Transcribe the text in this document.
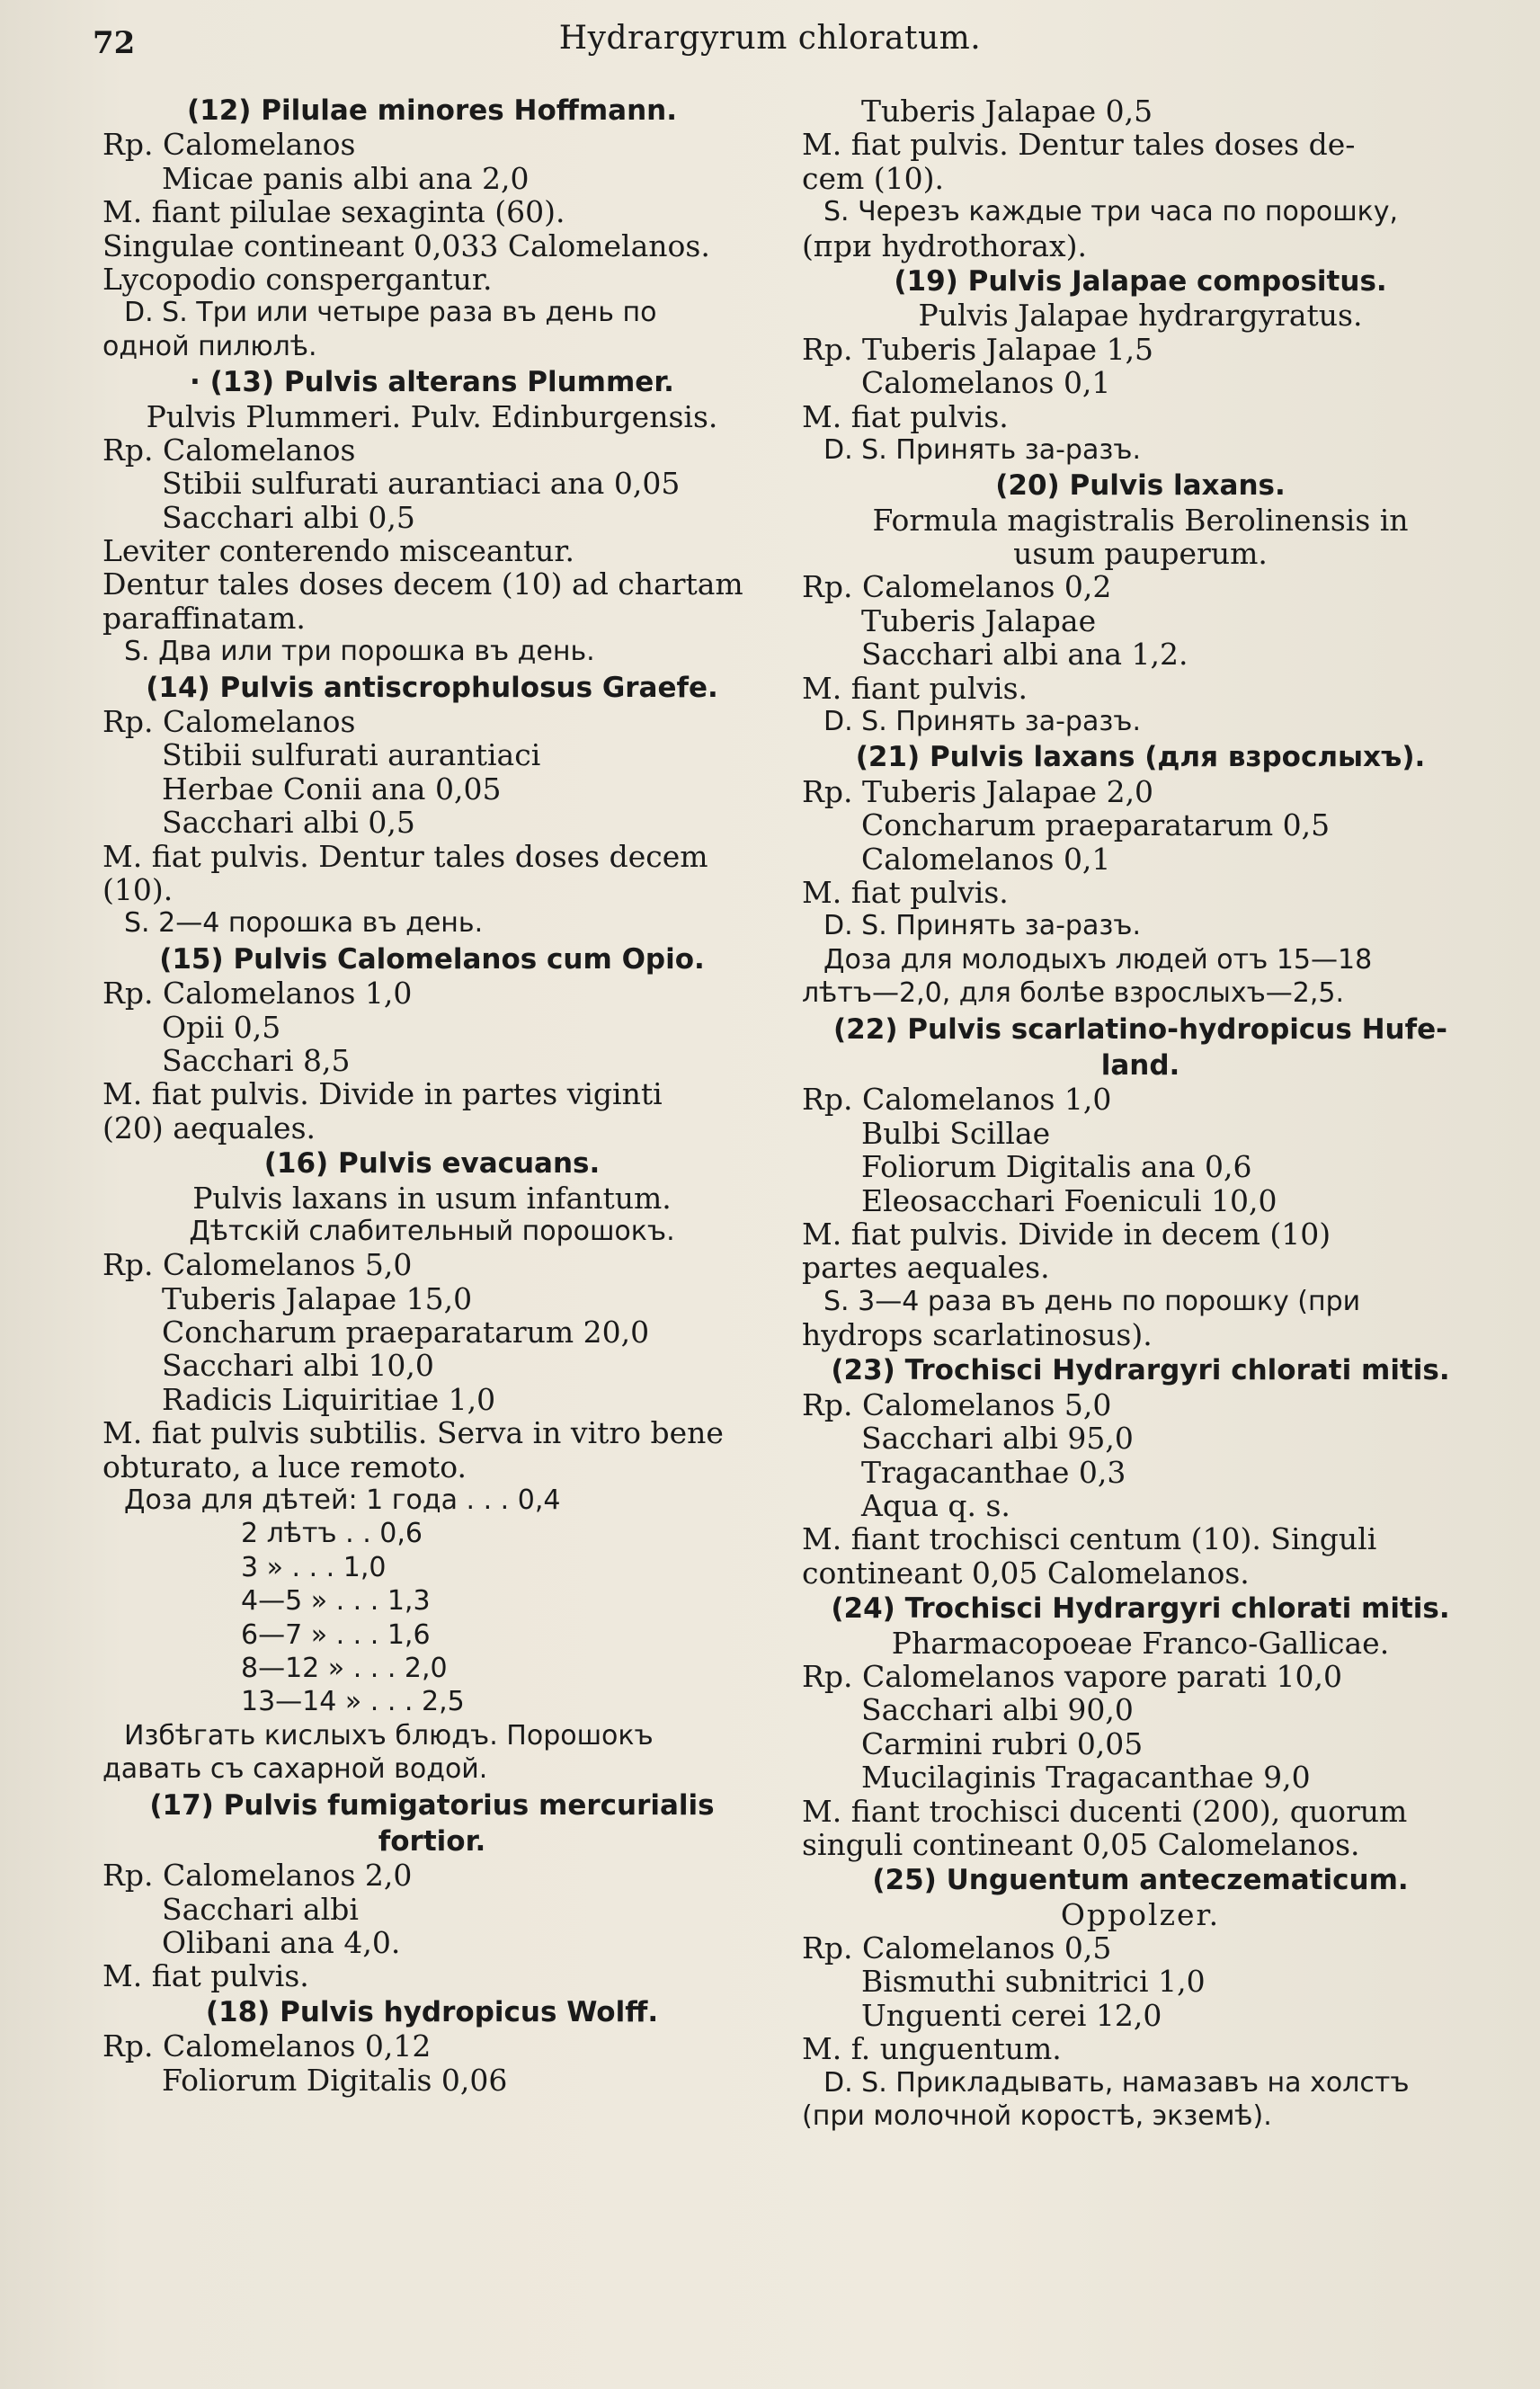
72	Hydrargyrum chloratum.
(12) Pilulae minores Hoffmann.
Rp. Calomelanos
Micae panis albi ana 2,0
M. fiant pilulae sexaginta (60).
Singulae contineant 0,033 Calomelanos.
Lycopodio conspergantur.
D. S. Три или четыре раза въ день по
одной пилюлѣ.
· (13) Pulvis alterans Plummer.
Pulvis Plummeri. Pulv. Edinburgensis.
Rp. Calomelanos
Stibii sulfurati aurantiaci ana 0,05
Sacchari albi 0,5
Leviter conterendo misceantur.
Dentur tales doses decem (10) ad chartam
paraffinatam.
S. Два или три порошка въ день.
(14) Pulvis antiscrophulosus Graefe.
Rp. Calomelanos
Stibii sulfurati aurantiaci
Herbae Conii ana 0,05
Sacchari albi 0,5
M. fiat pulvis. Dentur tales doses decem
(10).
S. 2—4 порошка въ день.
(15) Pulvis Calomelanos cum Opio.
Rp. Calomelanos 1,0
Opii 0,5
Sacchari 8,5
M. fiat pulvis. Divide in partes viginti
(20) aequales.
(16) Pulvis evacuans.
Pulvis laxans in usum infantum.
Дѣтскій слабительный порошокъ.
Rp. Calomelanos 5,0
Tuberis Jalapae 15,0
Concharum praeparatarum 20,0
Sacchari albi 10,0
Radicis Liquiritiae 1,0
M. fiat pulvis subtilis. Serva in vitro bene
obturato, a luce remoto.
Доза для дѣтей: 1 года . . . 0,4
2 лѣтъ . . 0,6
3 » . . . 1,0
4—5 » . . . 1,3
6—7 » . . . 1,6
8—12 » . . . 2,0
13—14 » . . . 2,5
Избѣгать кислыхъ блюдъ. Порошокъ
давать съ сахарной водой.
(17) Pulvis fumigatorius mercurialis
fortior.
Rp. Calomelanos 2,0
Sacchari albi
Olibani ana 4,0.
M. fiat pulvis.
(18) Pulvis hydropicus Wolff.
Rp. Calomelanos 0,12
Foliorum Digitalis 0,06
Tuberis Jalapae 0,5
M. fiat pulvis. Dentur tales doses de-
cem (10).
S. Черезъ каждые три часа по порошку,
(при hydrothorax).
(19) Pulvis Jalapae compositus.
Pulvis Jalapae hydrargyratus.
Rp. Tuberis Jalapae 1,5
Calomelanos 0,1
M. fiat pulvis.
D. S. Принять за-разъ.
(20) Pulvis laxans.
Formula magistralis Berolinensis in
usum pauperum.
Rp. Calomelanos 0,2
Tuberis Jalapae
Sacchari albi ana 1,2.
M. fiant pulvis.
D. S. Принять за-разъ.
(21) Pulvis laxans (для взрослыхъ).
Rp. Tuberis Jalapae 2,0
Concharum praeparatarum 0,5
Calomelanos 0,1
M. fiat pulvis.
D. S. Принять за-разъ.
Доза для молодыхъ людей отъ 15—18
лѣтъ—2,0, для болѣе взрослыхъ—2,5.
(22) Pulvis scarlatino-hydropicus Hufe-
land.
Rp. Calomelanos 1,0
Bulbi Scillae
Foliorum Digitalis ana 0,6
Eleosacchari Foeniculi 10,0
M. fiat pulvis. Divide in decem (10)
partes aequales.
S. 3—4 раза въ день по порошку (при
hydrops scarlatinosus).
(23) Trochisci Hydrargyri chlorati mitis.
Rp. Calomelanos 5,0
Sacchari albi 95,0
Tragacanthae 0,3
Aqua q. s.
M. fiant trochisci centum (10). Singuli
contineant 0,05 Calomelanos.
(24) Trochisci Hydrargyri chlorati mitis.
Pharmacopoeae Franco-Gallicae.
Rp. Calomelanos vapore parati 10,0
Sacchari albi 90,0
Carmini rubri 0,05
Mucilaginis Tragacanthae 9,0
M. fiant trochisci ducenti (200), quorum
singuli contineant 0,05 Calomelanos.
(25) Unguentum anteczematicum.
Oppolzer.
Rp. Calomelanos 0,5
Bismuthi subnitrici 1,0
Unguenti cerei 12,0
M. f. unguentum.
D. S. Прикладывать, намазавъ на холстъ
(при молочной коростѣ, экземѣ).
